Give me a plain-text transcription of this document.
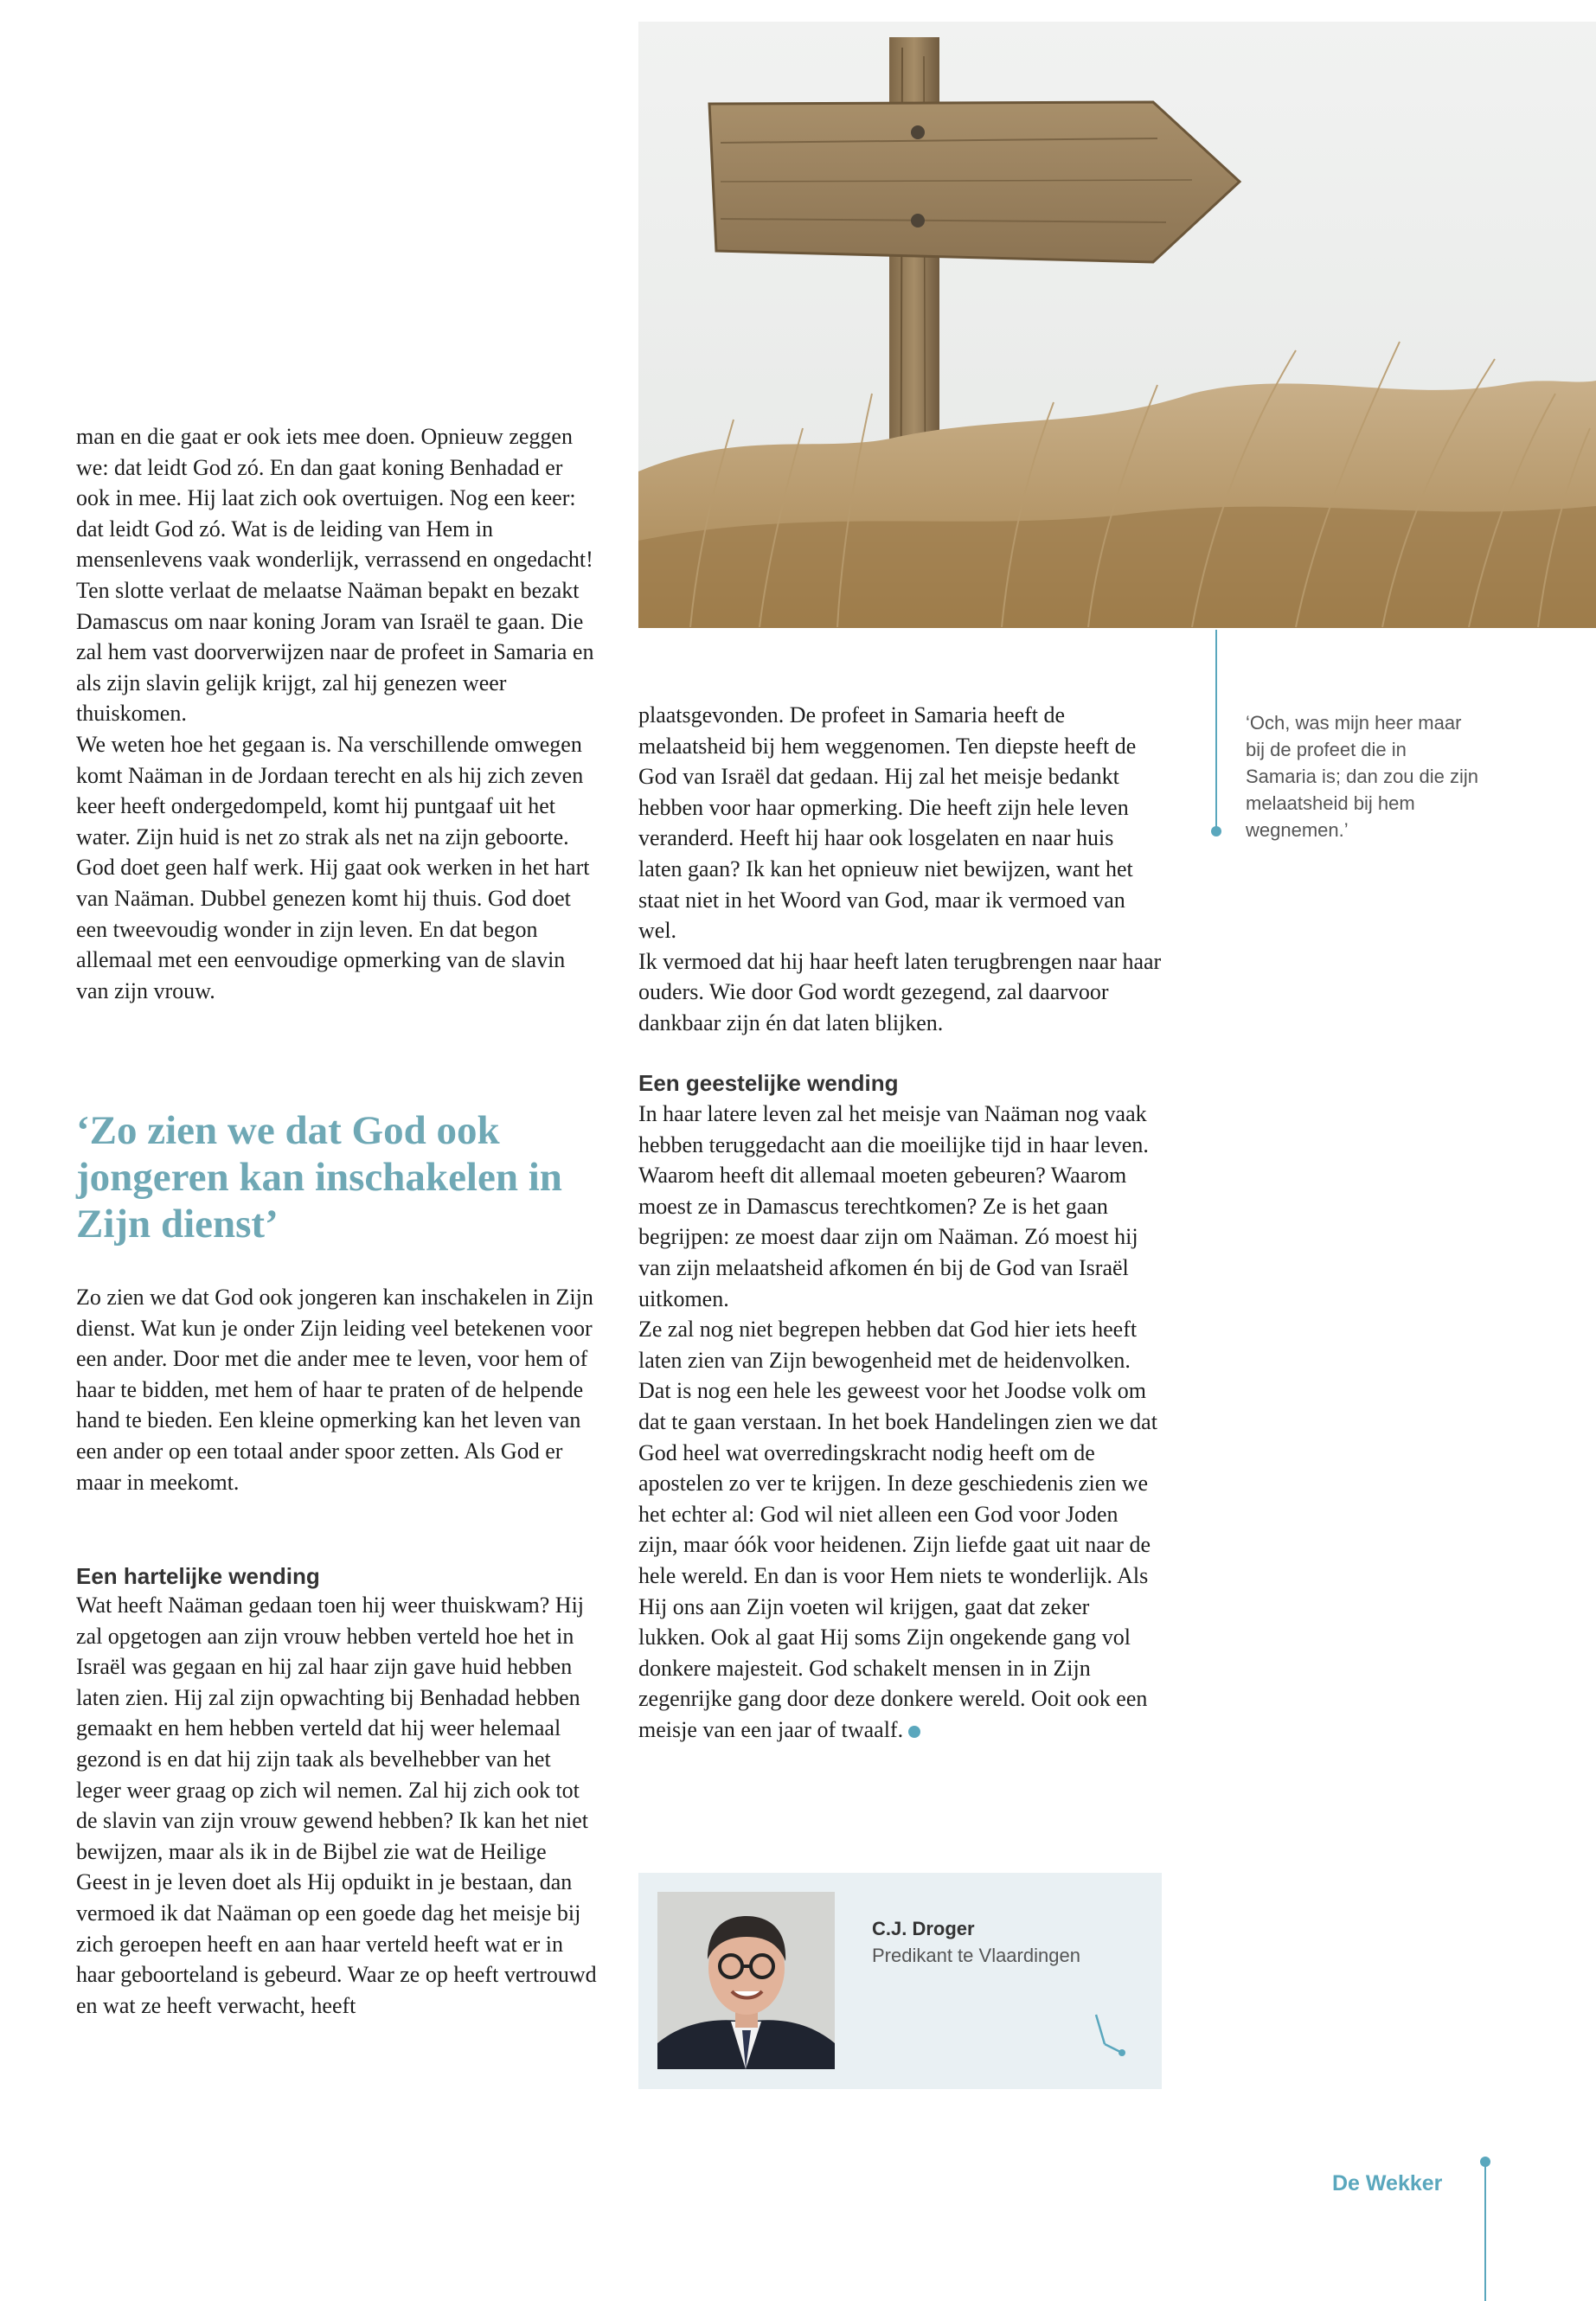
man en die gaat er ook iets mee doen. Opnieuw zeggen we: dat leidt God zó. En dan gaat koning Benhadad er ook in mee. Hij laat zich ook overtuigen. Nog een keer: dat leidt God zó. Wat is de leiding van Hem in mensenlevens vaak wonderlijk, verrassend en ongedacht!

Ten slotte verlaat de melaatse Naäman bepakt en bezakt Damascus om naar koning Joram van Israël te gaan. Die zal hem vast doorverwijzen naar de profeet in Samaria en als zijn slavin gelijk krijgt, zal hij genezen weer thuiskomen.

We weten hoe het gegaan is. Na verschillende omwegen komt Naäman in de Jordaan terecht en als hij zich zeven keer heeft ondergedompeld, komt hij puntgaaf uit het water. Zijn huid is net zo strak als net na zijn geboorte. God doet geen half werk. Hij gaat ook werken in het hart van Naäman. Dubbel genezen komt hij thuis. God doet een tweevoudig wonder in zijn leven. En dat begon allemaal met een eenvoudige opmerking van de slavin van zijn vrouw.

‘Zo zien we dat God ook jongeren kan inschakelen in Zijn dienst’

Zo zien we dat God ook jongeren kan inschakelen in Zijn dienst. Wat kun je onder Zijn leiding veel betekenen voor een ander. Door met die ander mee te leven, voor hem of haar te bidden, met hem of haar te praten of de helpende hand te bieden. Een kleine opmerking kan het leven van een ander op een totaal ander spoor zetten. Als God er maar in meekomt.

Een hartelijke wending

Wat heeft Naäman gedaan toen hij weer thuiskwam? Hij zal opgetogen aan zijn vrouw hebben verteld hoe het in Israël was gegaan en hij zal haar zijn gave huid hebben laten zien. Hij zal zijn opwachting bij Benhadad hebben gemaakt en hem hebben verteld dat hij weer helemaal gezond is en dat hij zijn taak als bevelhebber van het leger weer graag op zich wil nemen. Zal hij zich ook tot de slavin van zijn vrouw gewend hebben? Ik kan het niet bewijzen, maar als ik in de Bijbel zie wat de Heilige Geest in je leven doet als Hij opduikt in je bestaan, dan vermoed ik dat Naäman op een goede dag het meisje bij zich geroepen heeft en aan haar verteld heeft wat er in haar geboorteland is gebeurd. Waar ze op heeft vertrouwd en wat ze heeft verwacht, heeft

plaatsgevonden. De profeet in Samaria heeft de melaatsheid bij hem weggenomen. Ten diepste heeft de God van Israël dat gedaan. Hij zal het meisje bedankt hebben voor haar opmerking. Die heeft zijn hele leven veranderd. Heeft hij haar ook losgelaten en naar huis laten gaan? Ik kan het opnieuw niet bewijzen, want het staat niet in het Woord van God, maar ik vermoed van wel.

Ik vermoed dat hij haar heeft laten terugbrengen naar haar ouders. Wie door God wordt gezegend, zal daarvoor dankbaar zijn én dat laten blijken.

Een geestelijke wending

In haar latere leven zal het meisje van Naäman nog vaak hebben teruggedacht aan die moeilijke tijd in haar leven. Waarom heeft dit allemaal moeten gebeuren? Waarom moest ze in Damascus terechtkomen? Ze is het gaan begrijpen: ze moest daar zijn om Naäman. Zó moest hij van zijn melaatsheid afkomen én bij de God van Israël uitkomen.

Ze zal nog niet begrepen hebben dat God hier iets heeft laten zien van Zijn bewogenheid met de heidenvolken. Dat is nog een hele les geweest voor het Joodse volk om dat te gaan verstaan. In het boek Handelingen zien we dat God heel wat overredingskracht nodig heeft om de apostelen zo ver te krijgen. In deze geschiedenis zien we het echter al: God wil niet alleen een God voor Joden zijn, maar óók voor heidenen. Zijn liefde gaat uit naar de hele wereld. En dan is voor Hem niets te wonderlijk. Als Hij ons aan Zijn voeten wil krijgen, gaat dat zeker lukken. Ook al gaat Hij soms Zijn ongekende gang vol donkere majesteit. God schakelt mensen in in Zijn zegenrijke gang door deze donkere wereld. Ooit ook een meisje van een jaar of twaalf.

‘Och, was mijn heer maar bij de profeet die in Samaria is; dan zou die zijn melaatsheid bij hem wegnemen.’
C.J. Droger
Predikant te Vlaardingen
De Wekker
